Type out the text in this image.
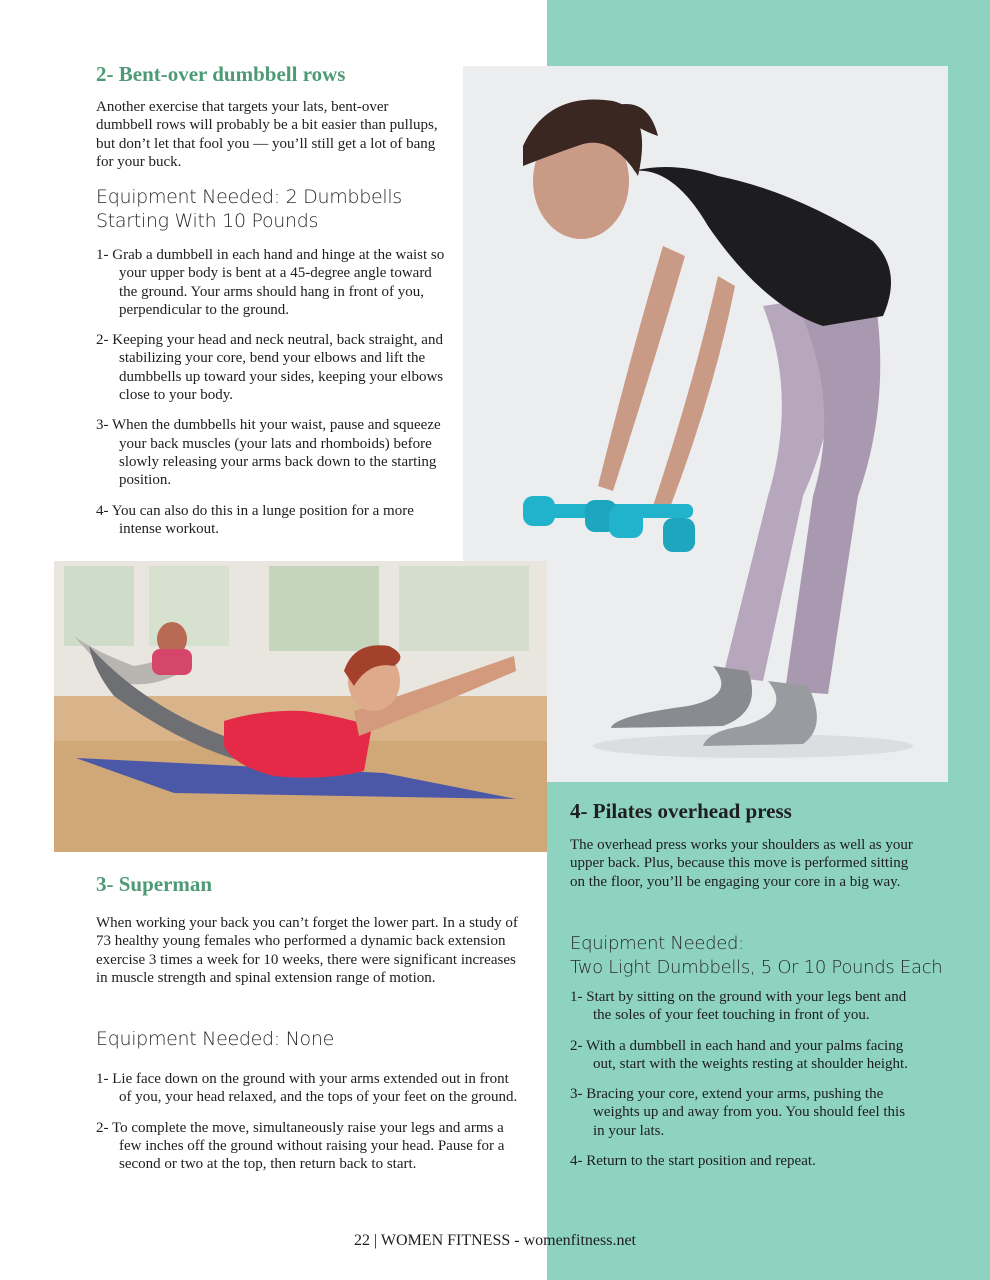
2- Bent-over dumbbell rows

Another exercise that targets your lats, bent-over dumbbell rows will probably be a bit easier than pullups, but don’t let that fool you — you’ll still get a lot of bang for your buck.

Equipment Needed: 2 Dumbbells
Starting With 10 Pounds
1- Grab a dumbbell in each hand and hinge at the waist so your upper body is bent at a 45-degree angle toward the ground. Your arms should hang in front of you, perpendicular to the ground.
2- Keeping your head and neck neutral, back straight, and stabilizing your core, bend your elbows and lift the dumbbells up toward your sides, keeping your elbows close to your body.
3- When the dumbbells hit your waist, pause and squeeze your back muscles (your lats and rhomboids) before slowly releasing your arms back down to the starting position.
4- You can also do this in a lunge position for a more intense workout.
3- Superman

When working your back you can’t forget the lower part. In a study of 73 healthy young females who performed a dynamic back extension exercise 3 times a week for 10 weeks, there were significant increases in muscle strength and spinal extension range of motion.

Equipment Needed: None
1- Lie face down on the ground with your arms extended out in front of you, your head relaxed, and the tops of your feet on the ground.
2- To complete the move, simultaneously raise your legs and arms a few inches off the ground without raising your head. Pause for a second or two at the top, then return back to start.
4- Pilates overhead press

The overhead press works your shoulders as well as your upper back. Plus, because this move is performed sitting on the floor, you’ll be engaging your core in a big way.

Equipment Needed:
Two Light Dumbbells, 5 Or 10 Pounds Each
1- Start by sitting on the ground with your legs bent and the soles of your feet touching in front of you.
2- With a dumbbell in each hand and your palms facing out, start with the weights resting at shoulder height.
3- Bracing your core, extend your arms, pushing the weights up and away from you. You should feel this in your lats.
4- Return to the start position and repeat.
22 | WOMEN FITNESS - womenfitness.net
